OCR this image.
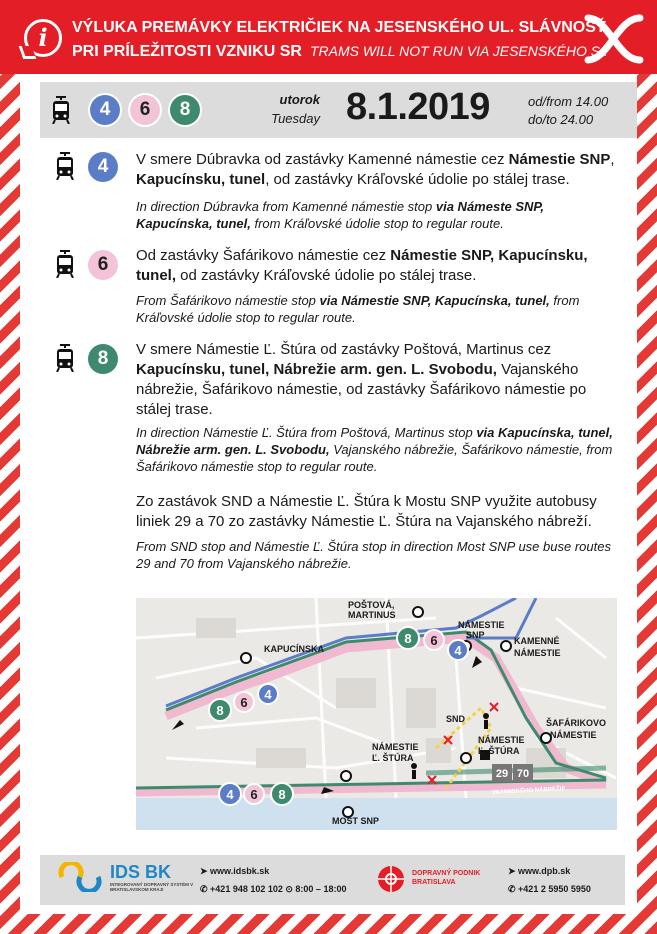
i	VÝLUKA PREMÁVKY ELEKTRIČIEK NA JESENSKÉHO UL. SLÁVNOSŤ
PRI PRÍLEŽITOSTI VZNIKU SR TRAMS WILL NOT RUN VIA JESENSKÉHO St.
4	6	8	utorok
Tuesday 8.1.2019	od/from 14.00
do/to 24.00
4	V smere Dúbravka od zastávky Kamenné námestie cez Námestie SNP, Kapucínsku, tunel, od zastávky Kráľovské údolie po stálej trase.
In direction Dúbravka from Kamenné námestie stop via Námeste SNP, Kapucínska, tunel, from Kráľovské údolie stop to regular route.
6	Od zastávky Šafárikovo námestie cez Námestie SNP, Kapucínsku, tunel, od zastávky Kráľovské údolie po stálej trase.
From Šafárikovo námestie stop via Námestie SNP, Kapucínska, tunel, from Kráľovské údolie stop to regular route.
8	V smere Námestie Ľ. Štúra od zastávky Poštová, Martinus cez Kapucínsku, tunel, Nábrežie arm. gen. L. Svobodu, Vajanského nábrežie, Šafárikovo námestie, od zastávky Šafárikovo námestie po stálej trase.
In direction Námestie Ľ. Štúra from Poštová, Martinus stop via Kapucínska, tunel, Nábrežie arm. gen. L. Svobodu, Vajanského nábrežie, Šafárikovo námestie, from Šafárikovo námestie stop to regular route.
Zo zastávok SND a Námestie Ľ. Štúra k Mostu SNP využite autobusy liniek 29 a 70 zo zastávky Námestie Ľ. Štúra na Vajanského nábreží.
From SND stop and Námestie Ľ. Štúra stop in direction Most SNP use buse routes 29 and 70 from Vajanského nábrežie.
8 6
4
8
6
4
4 6 8
29 70
POŠTOVÁ,
MARTINUS
NÁMESTIE
SNP
KAMENNÉ
NÁMESTIE
KAPUCÍNSKA
ŠAFÁRIKOVO
NÁMESTIE
SND
NÁMESTIE
Ľ. ŠTÚRA
NÁMESTIE
Ľ. ŠTÚRA
MOST SNP
VAJANSKÉHO NÁBREŽIE
IDS BK
INTEGROVANÝ DOPRAVNÝ SYSTÉM V BRATISLAVSKOM KRAJI
➤ www.idsbk.sk
✆ +421 948 102 102 ⊙ 8:00 – 18:00
DOPRAVNÝ PODNIK
BRATISLAVA
➤ www.dpb.sk
✆ +421 2 5950 5950
